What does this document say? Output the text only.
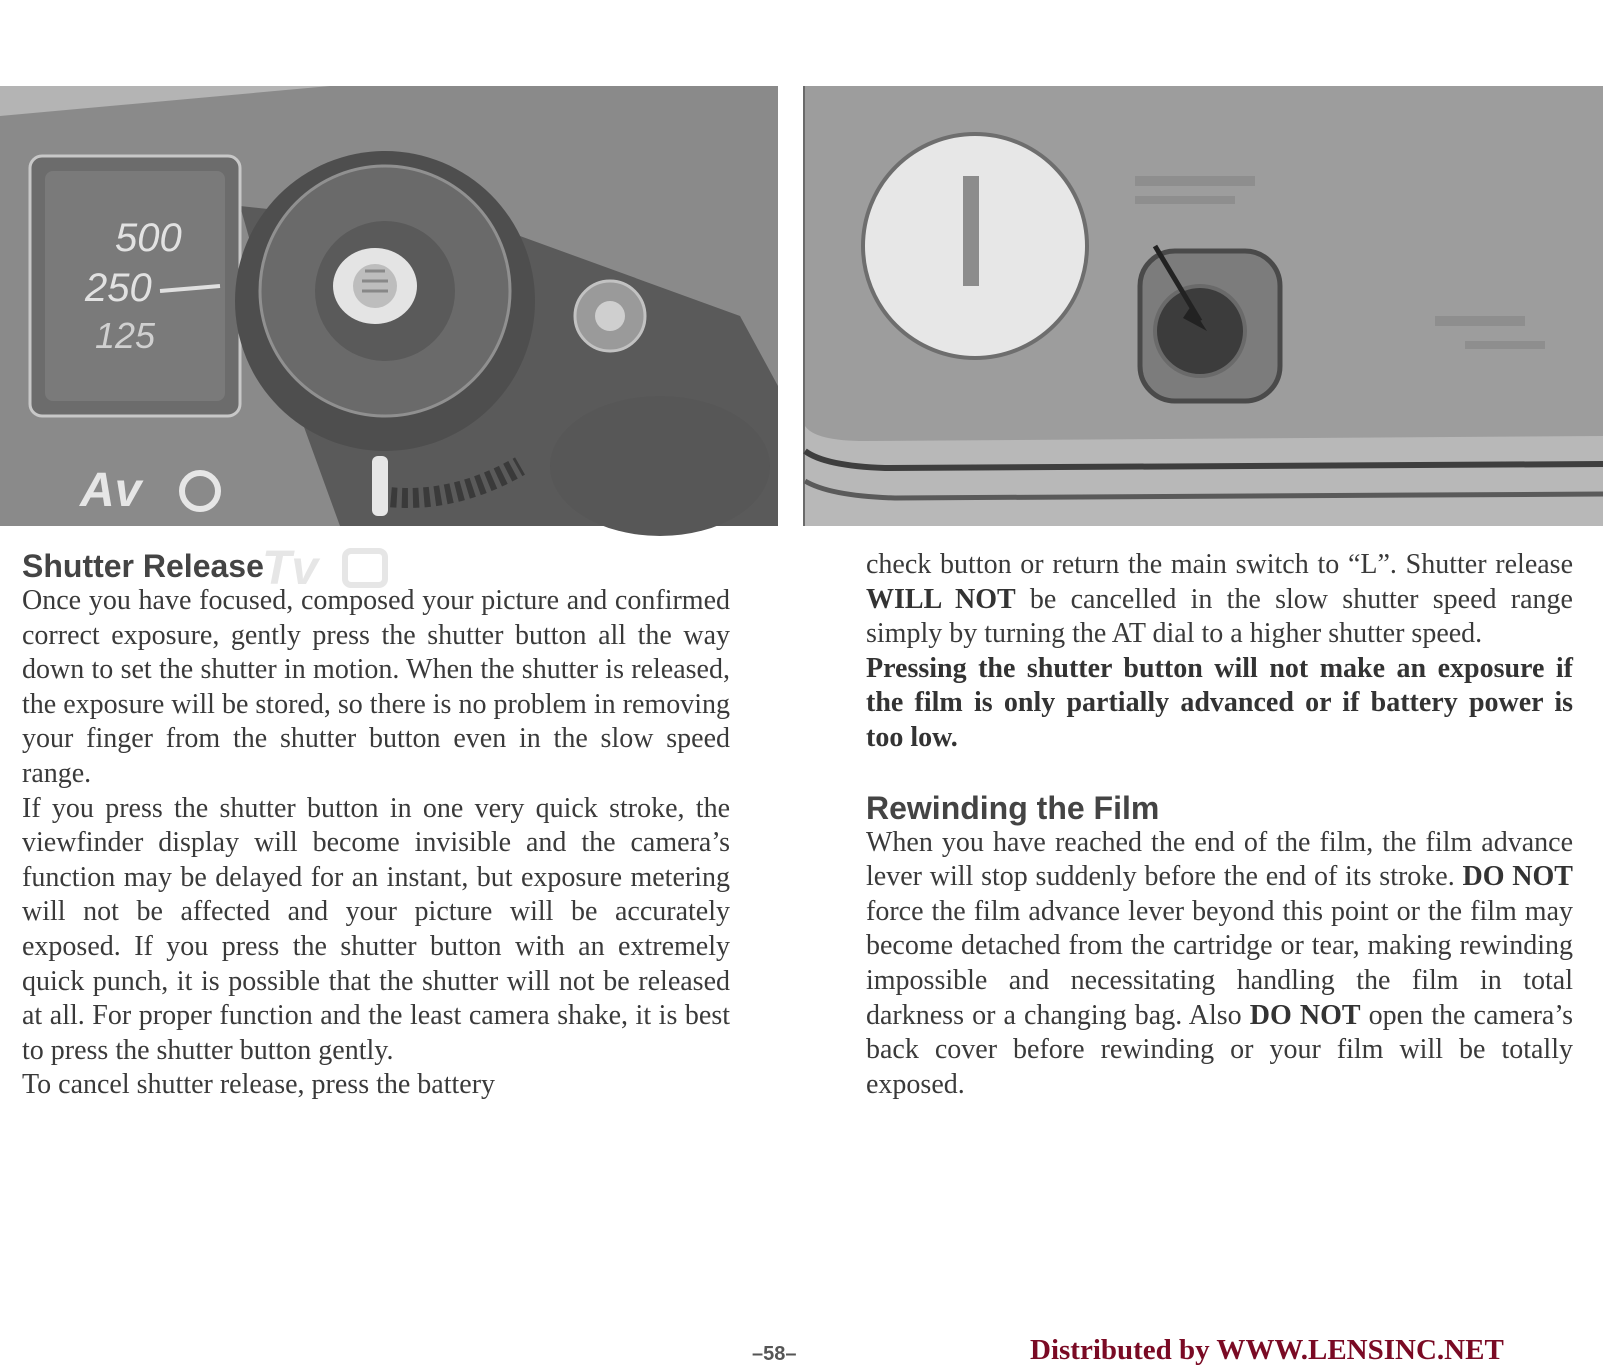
500
250
125
Av
Tv
Shutter Release

Once you have focused, composed your picture and confirmed correct exposure, gently press the shutter button all the way down to set the shutter in motion. When the shutter is released, the exposure will be stored, so there is no problem in removing your finger from the shutter button even in the slow speed range.

If you press the shutter button in one very quick stroke, the viewfinder display will become invisible and the camera’s function may be delayed for an instant, but exposure metering will not be affected and your picture will be accurately exposed. If you press the shutter button with an extremely quick punch, it is possible that the shutter will not be released at all. For proper function and the least camera shake, it is best to press the shutter button gently.

To cancel shutter release, press the battery

check button or return the main switch to “L”. Shutter release WILL NOT be cancelled in the slow shutter speed range simply by turning the AT dial to a higher shutter speed.

Pressing the shutter button will not make an exposure if the film is only partially advanced or if battery power is too low.

Rewinding the Film

When you have reached the end of the film, the film advance lever will stop suddenly before the end of its stroke. DO NOT force the film advance lever beyond this point or the film may become detached from the cartridge or tear, making rewinding impossible and necessitating handling the film in total darkness or a changing bag. Also DO NOT open the camera’s back cover before rewinding or your film will be totally exposed.

–58–	Distributed by WWW.LENSINC.NET
